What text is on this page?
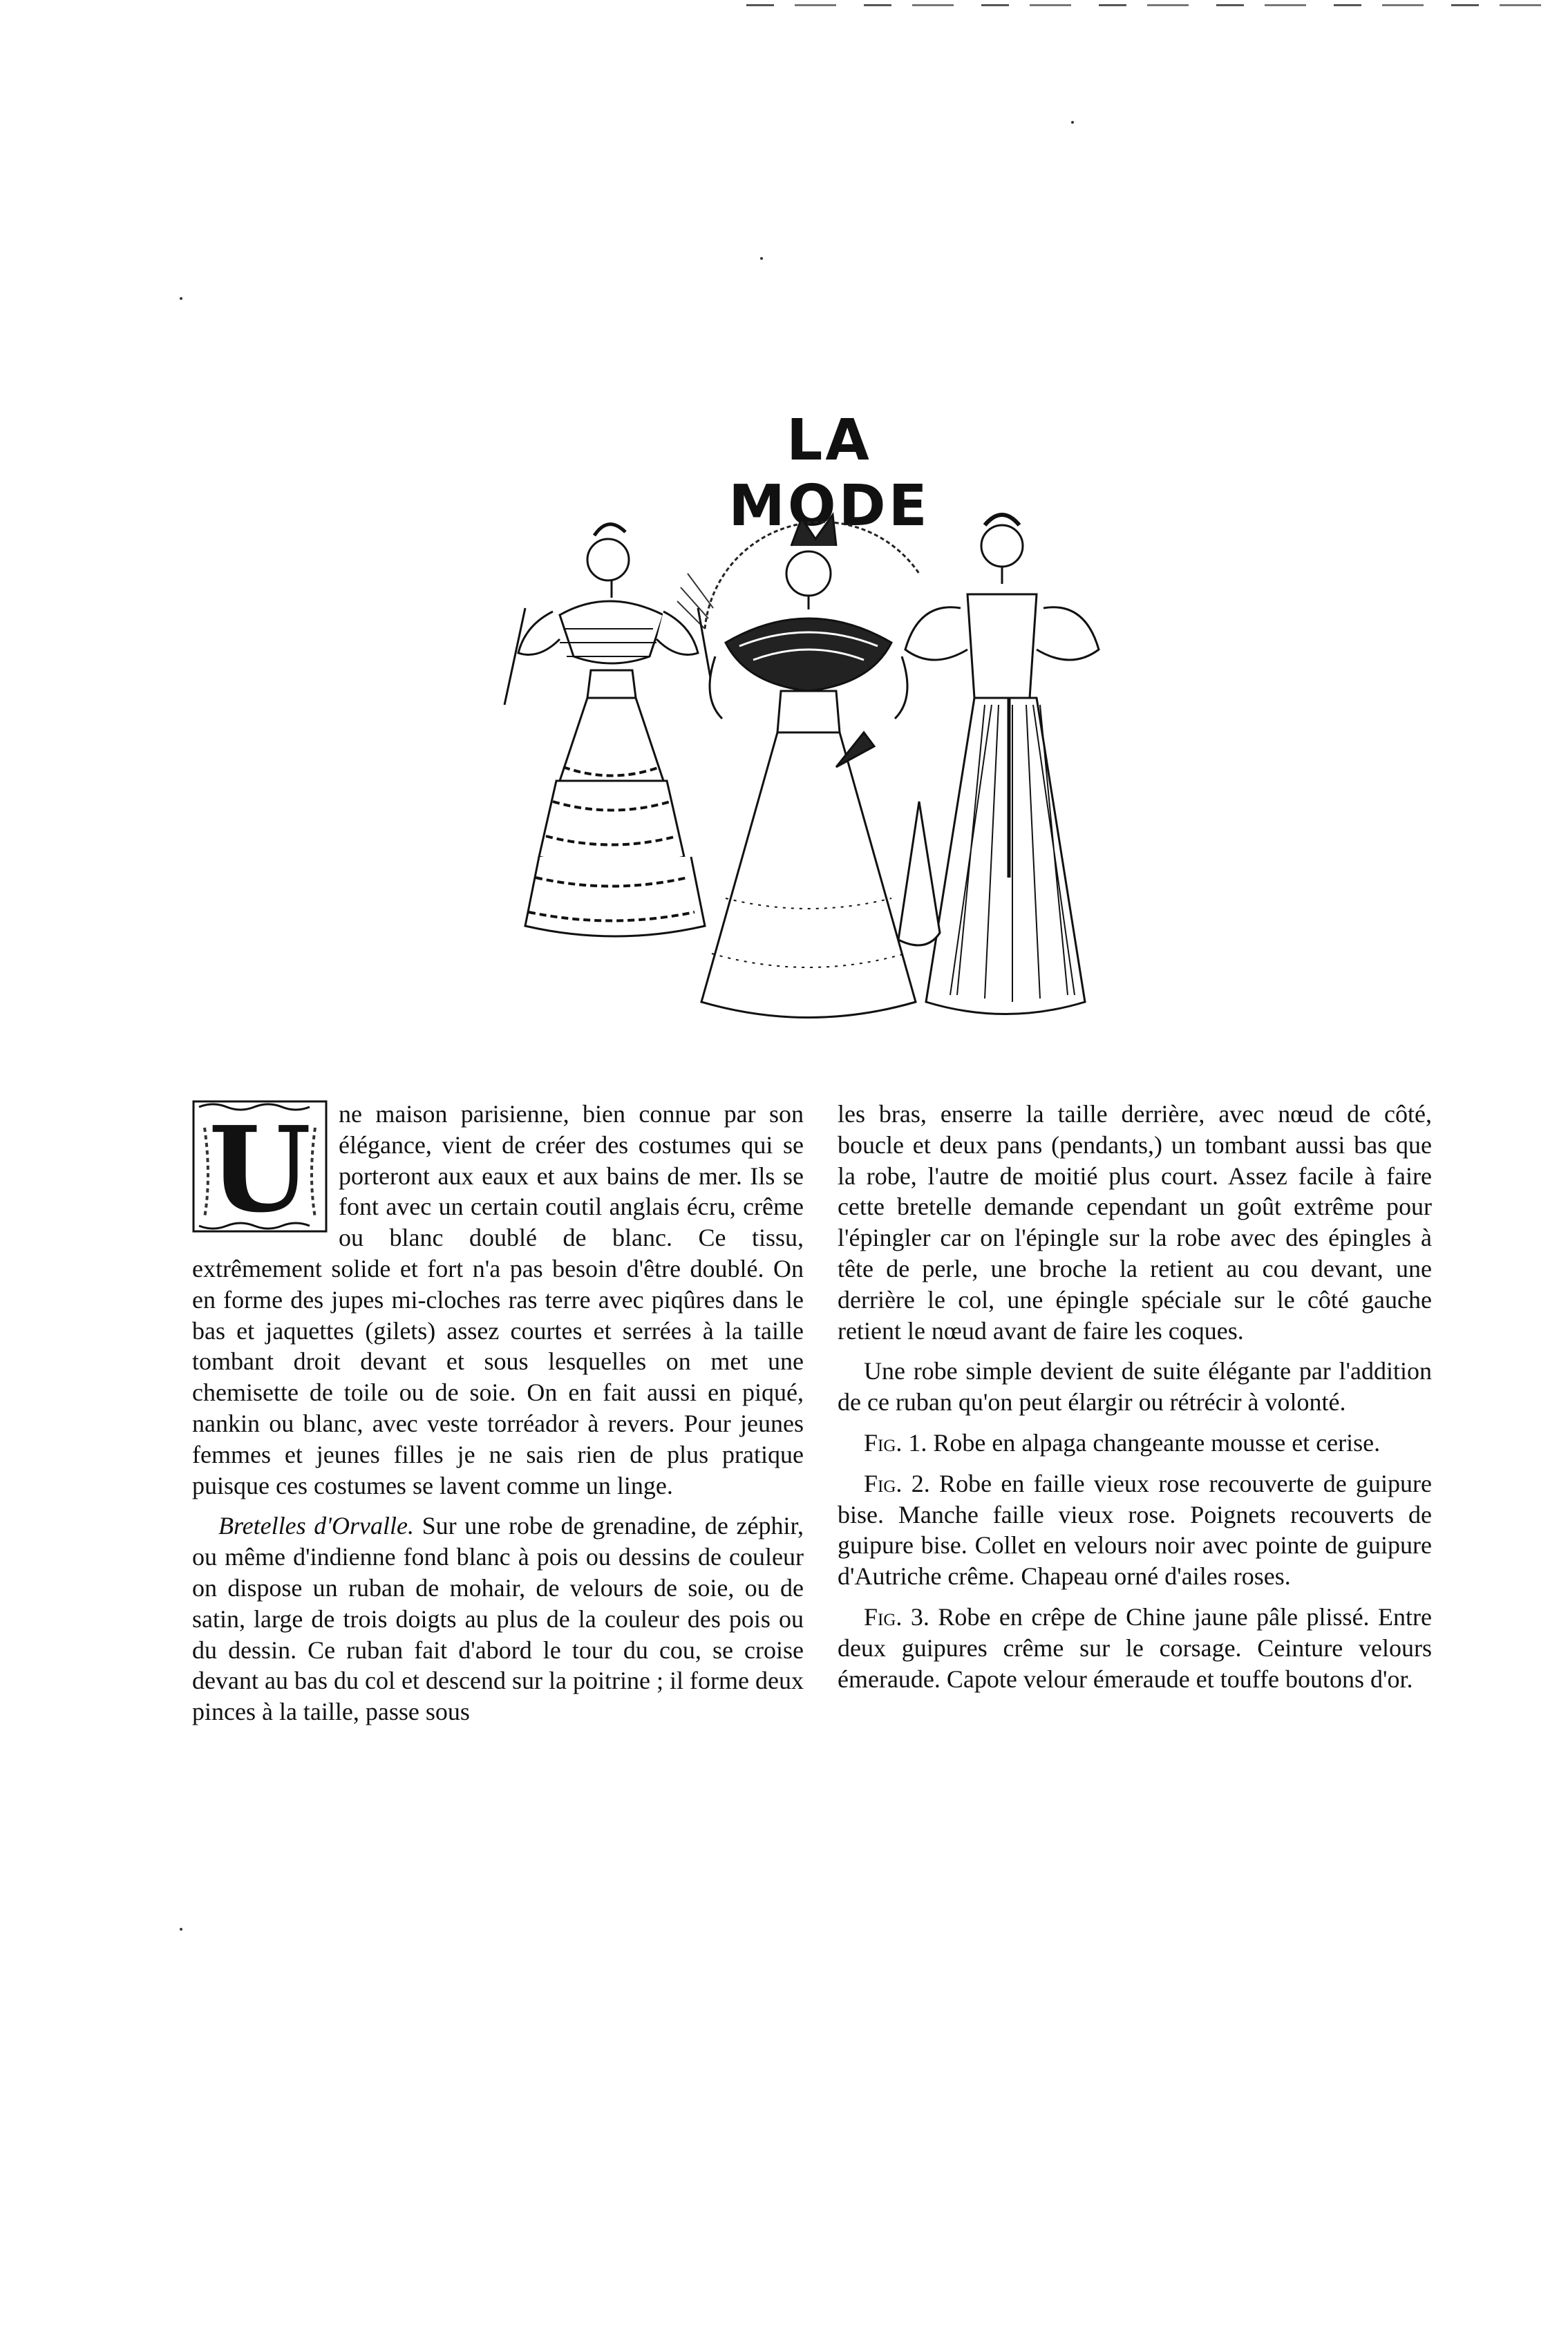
LA MODE

U ne maison parisienne, bien connue par son élégance, vient de créer des costumes qui se porteront aux eaux et aux bains de mer. Ils se font avec un certain coutil anglais écru, crême ou blanc doublé de blanc. Ce tissu, extrêmement solide et fort n'a pas besoin d'être doublé. On en forme des jupes mi-cloches ras terre avec piqûres dans le bas et jaquettes (gilets) assez courtes et serrées à la taille tombant droit devant et sous lesquelles on met une chemisette de toile ou de soie. On en fait aussi en piqué, nankin ou blanc, avec veste torréador à revers. Pour jeunes femmes et jeunes filles je ne sais rien de plus pratique puisque ces costumes se lavent comme un linge.

Bretelles d'Orvalle. Sur une robe de grenadine, de zéphir, ou même d'indienne fond blanc à pois ou dessins de couleur on dispose un ruban de mohair, de velours de soie, ou de satin, large de trois doigts au plus de la couleur des pois ou du dessin. Ce ruban fait d'abord le tour du cou, se croise devant au bas du col et descend sur la poitrine ; il forme deux pinces à la taille, passe sous

les bras, enserre la taille derrière, avec nœud de côté, boucle et deux pans (pendants,) un tombant aussi bas que la robe, l'autre de moitié plus court. Assez facile à faire cette bretelle demande cependant un goût extrême pour l'épingler car on l'épingle sur la robe avec des épingles à tête de perle, une broche la retient au cou devant, une derrière le col, une épingle spéciale sur le côté gauche retient le nœud avant de faire les coques.

Une robe simple devient de suite élégante par l'addition de ce ruban qu'on peut élargir ou rétrécir à volonté.

Fig. 1. Robe en alpaga changeante mousse et cerise.

Fig. 2. Robe en faille vieux rose recouverte de guipure bise. Manche faille vieux rose. Poignets recouverts de guipure bise. Collet en velours noir avec pointe de guipure d'Autriche crême. Chapeau orné d'ailes roses.

Fig. 3. Robe en crêpe de Chine jaune pâle plissé. Entre deux guipures crême sur le corsage. Ceinture velours émeraude. Capote velour émeraude et touffe boutons d'or.
